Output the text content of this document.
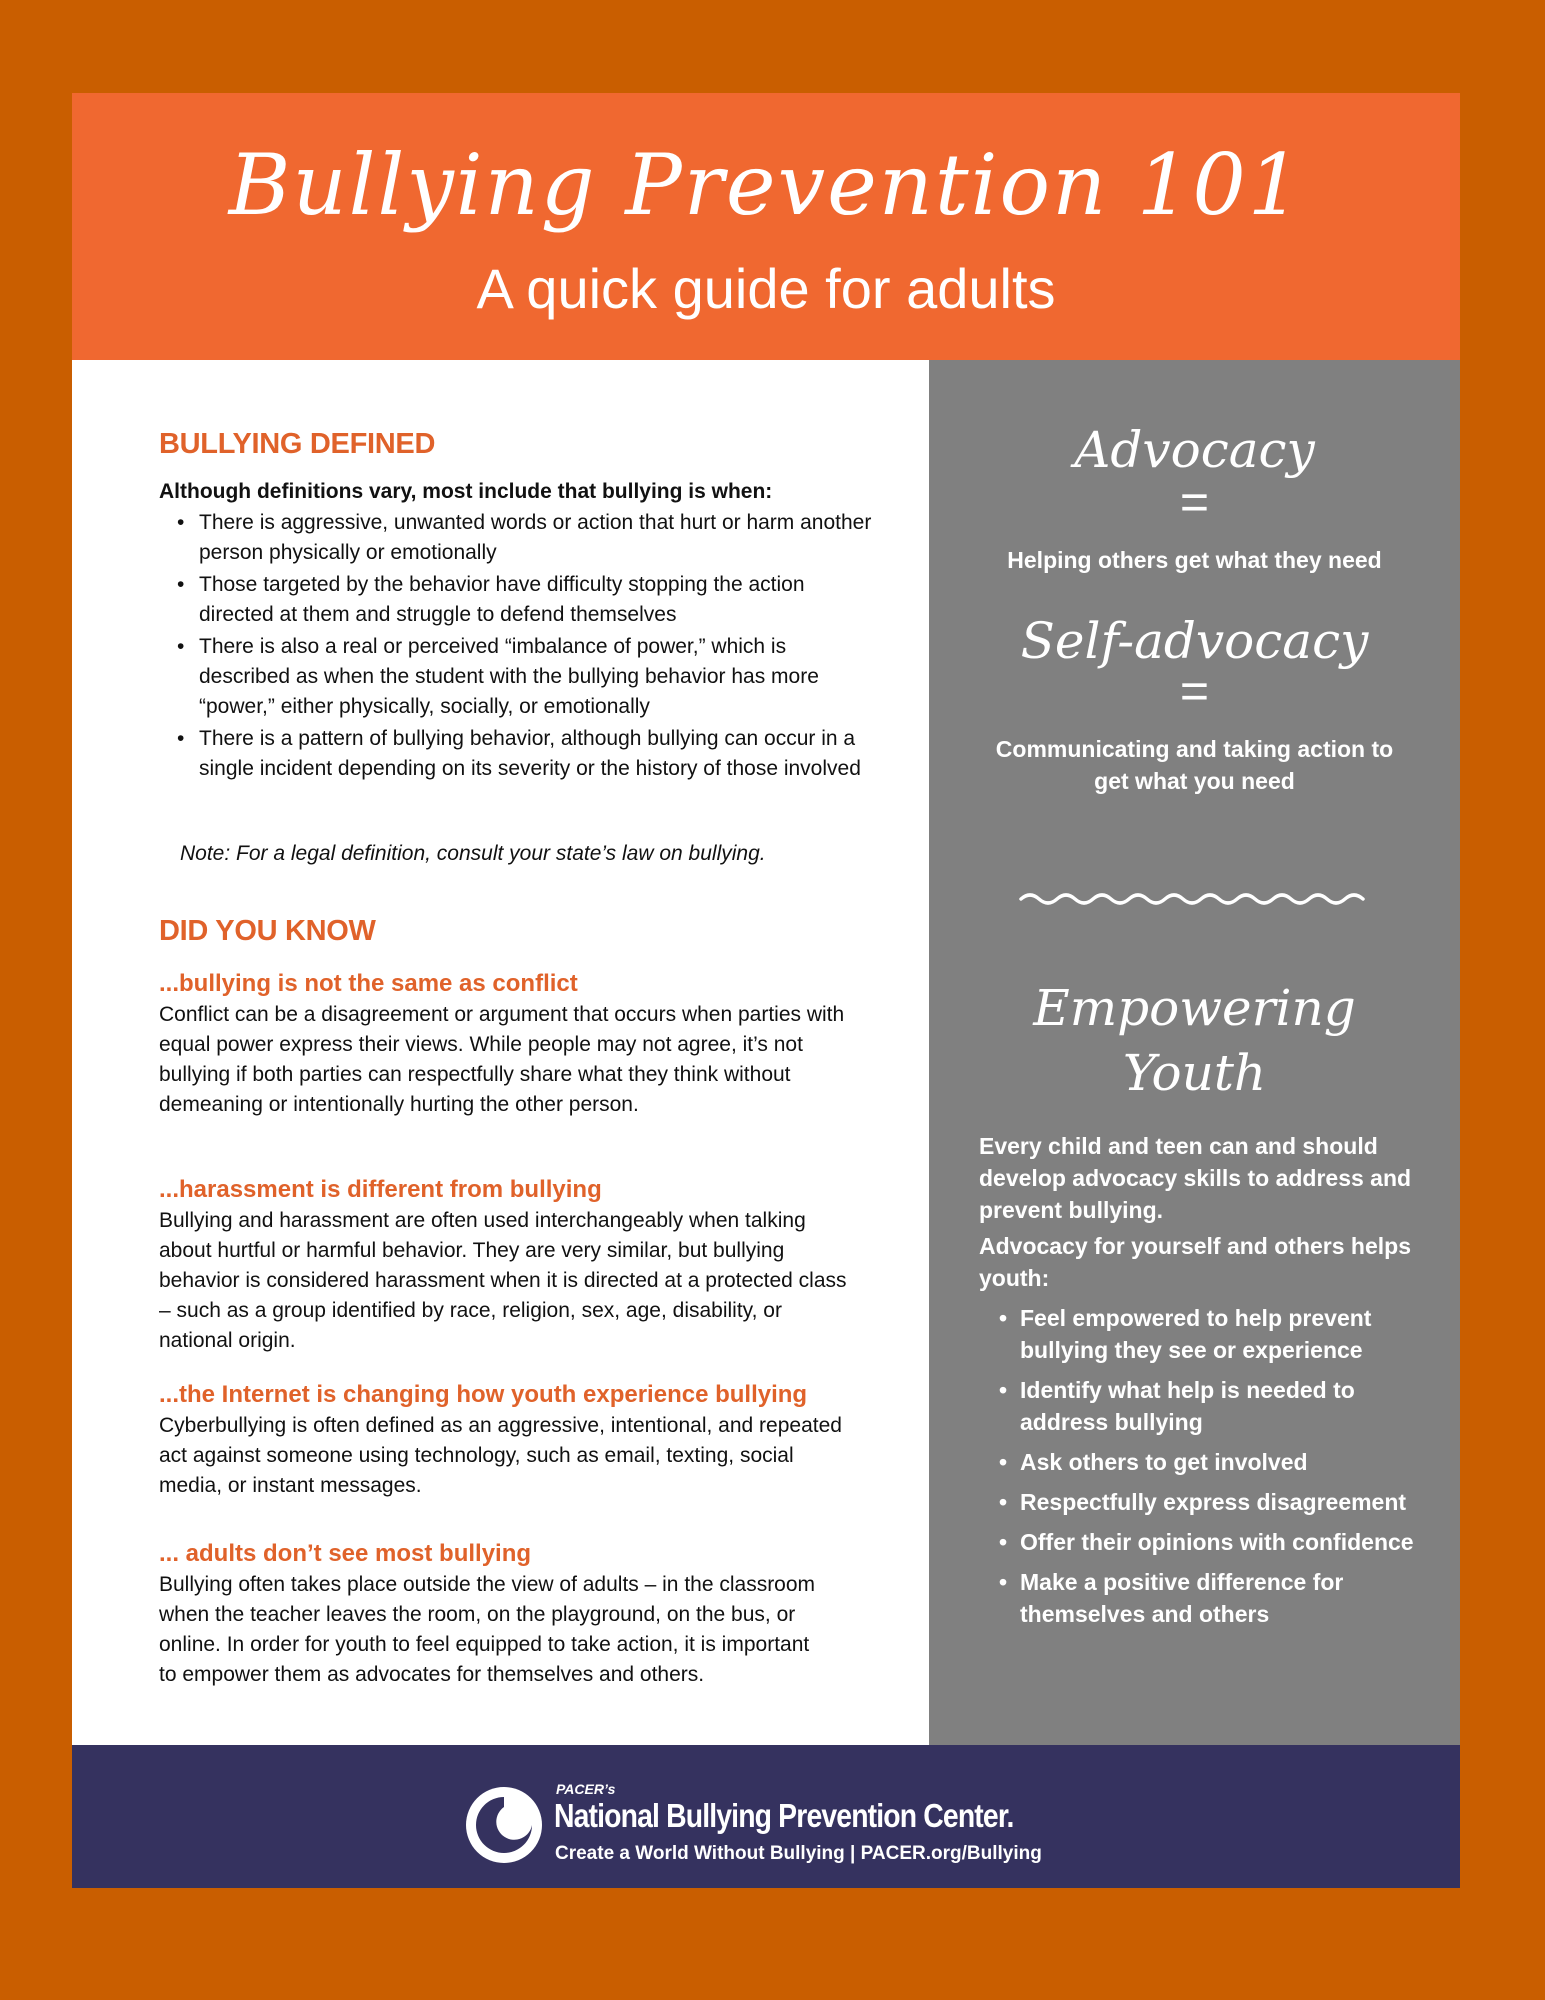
Bullying Prevention 101
A quick guide for adults
BULLYING DEFINED
Although definitions vary, most include that bullying is when:
• There is aggressive, unwanted words or action that hurt or harm another person physically or emotionally
• Those targeted by the behavior have difficulty stopping the action directed at them and struggle to defend themselves
• There is also a real or perceived “imbalance of power,” which is described as when the student with the bullying behavior has more “power,” either physically, socially, or emotionally
• There is a pattern of bullying behavior, although bullying can occur in a single incident depending on its severity or the history of those involved
Note: For a legal definition, consult your state’s law on bullying.
DID YOU KNOW
...bullying is not the same as conflict
Conflict can be a disagreement or argument that occurs when parties with equal power express their views. While people may not agree, it’s not bullying if both parties can respectfully share what they think without demeaning or intentionally hurting the other person.
...harassment is different from bullying
Bullying and harassment are often used interchangeably when talking about hurtful or harmful behavior. They are very similar, but bullying behavior is considered harassment when it is directed at a protected class – such as a group identified by race, religion, sex, age, disability, or national origin.
...the Internet is changing how youth experience bullying
Cyberbullying is often defined as an aggressive, intentional, and repeated act against someone using technology, such as email, texting, social media, or instant messages.
... adults don’t see most bullying
Bullying often takes place outside the view of adults – in the classroom when the teacher leaves the room, on the playground, on the bus, or online. In order for youth to feel equipped to take action, it is important to empower them as advocates for themselves and others.
Advocacy
=
Helping others get what they need
Self-advocacy
=
Communicating and taking action to get what you need
Empowering
Youth
Every child and teen can and should develop advocacy skills to address and prevent bullying.
Advocacy for yourself and others helps youth:
• Feel empowered to help prevent bullying they see or experience
• Identify what help is needed to address bullying
• Ask others to get involved
• Respectfully express disagreement
• Offer their opinions with confidence
• Make a positive difference for themselves and others
PACER’s
National Bullying Prevention Center.
Create a World Without Bullying | PACER.org/Bullying
